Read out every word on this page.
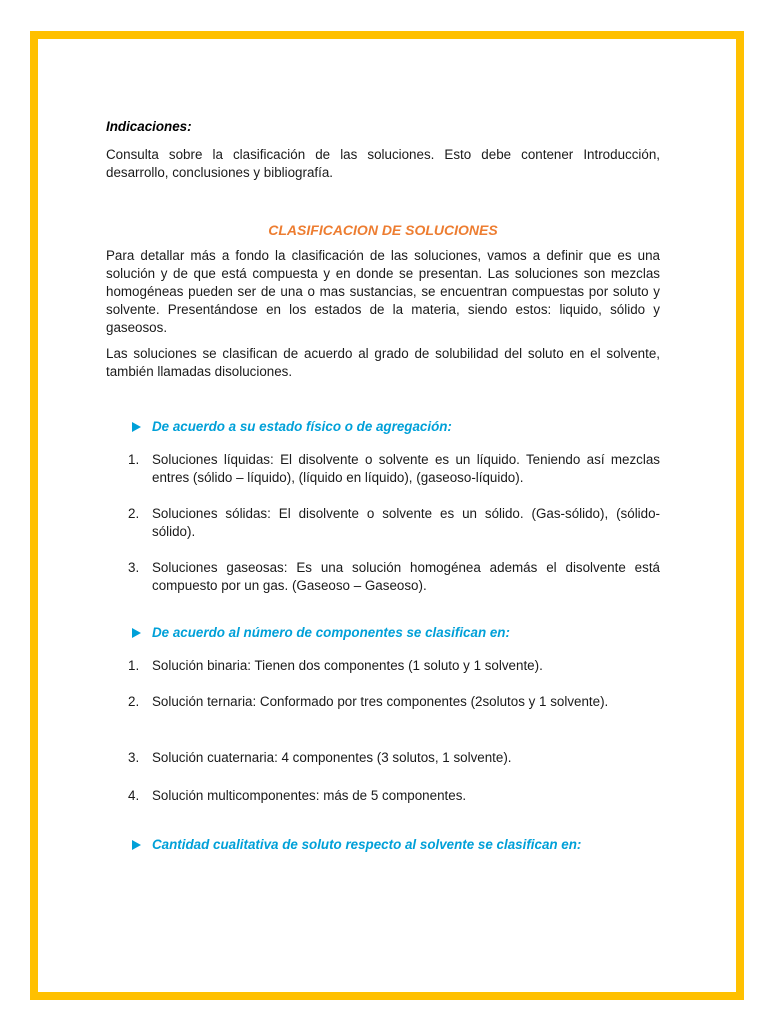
Indicaciones:

Consulta sobre la clasificación de las soluciones. Esto debe contener Introducción, desarrollo, conclusiones y bibliografía.

CLASIFICACION DE SOLUCIONES

Para detallar más a fondo la clasificación de las soluciones, vamos a definir que es una solución y de que está compuesta y en donde se presentan. Las soluciones son mezclas homogéneas pueden ser de una o mas sustancias, se encuentran compuestas por soluto y solvente. Presentándose en los estados de la materia, siendo estos: liquido, sólido y gaseosos.

Las soluciones se clasifican de acuerdo al grado de solubilidad del soluto en el solvente, también llamadas disoluciones.

De acuerdo a su estado físico o de agregación:
1. Soluciones líquidas: El disolvente o solvente es un líquido. Teniendo así mezclas entres (sólido – líquido), (líquido en líquido), (gaseoso-líquido).
2. Soluciones sólidas: El disolvente o solvente es un sólido. (Gas-sólido), (sólido-sólido).
3. Soluciones gaseosas: Es una solución homogénea además el disolvente está compuesto por un gas. (Gaseoso – Gaseoso).
De acuerdo al número de componentes se clasifican en:
1. Solución binaria: Tienen dos componentes (1 soluto y 1 solvente).
2. Solución ternaria: Conformado por tres componentes (2solutos y 1 solvente).
3. Solución cuaternaria: 4 componentes (3 solutos, 1 solvente).
4. Solución multicomponentes: más de 5 componentes.
Cantidad cualitativa de soluto respecto al solvente se clasifican en:
